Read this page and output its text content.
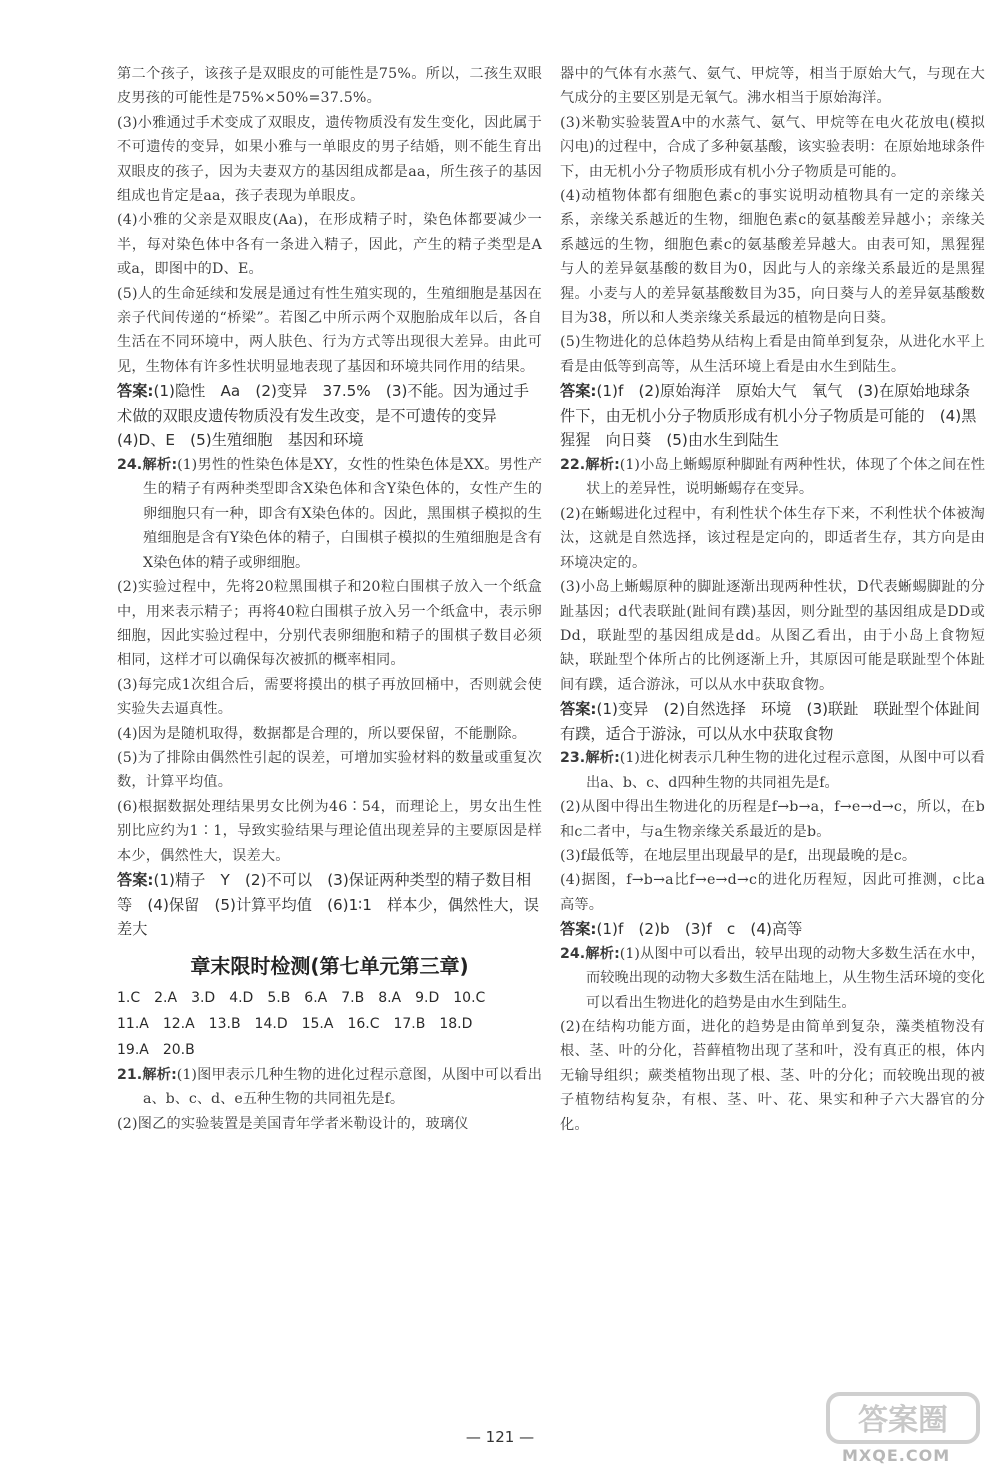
第二个孩子，该孩子是双眼皮的可能性是75%。所以，二孩生双眼皮男孩的可能性是75%×50%=37.5%。

(3)小雅通过手术变成了双眼皮，遗传物质没有发生变化，因此属于不可遗传的变异，如果小雅与一单眼皮的男子结婚，则不能生育出双眼皮的孩子，因为夫妻双方的基因组成都是aa，所生孩子的基因组成也肯定是aa，孩子表现为单眼皮。

(4)小雅的父亲是双眼皮(Aa)，在形成精子时，染色体都要减少一半，每对染色体中各有一条进入精子，因此，产生的精子类型是A或a，即图中的D、E。

(5)人的生命延续和发展是通过有性生殖实现的，生殖细胞是基因在亲子代间传递的“桥梁”。若图乙中所示两个双胞胎成年以后，各自生活在不同环境中，两人肤色、行为方式等出现很大差异。由此可见，生物体有许多性状明显地表现了基因和环境共同作用的结果。

答案:(1)隐性　Aa　(2)变异　37.5%　(3)不能。因为通过手术做的双眼皮遗传物质没有发生改变，是不可遗传的变异　(4)D、E　(5)生殖细胞　基因和环境

24.解析:(1)男性的性染色体是XY，女性的性染色体是XX。男性产生的精子有两种类型即含X染色体和含Y染色体的，女性产生的卵细胞只有一种，即含有X染色体的。因此，黑围棋子模拟的生殖细胞是含有Y染色体的精子，白围棋子模拟的生殖细胞是含有X染色体的精子或卵细胞。

(2)实验过程中，先将20粒黑围棋子和20粒白围棋子放入一个纸盒中，用来表示精子；再将40粒白围棋子放入另一个纸盒中，表示卵细胞，因此实验过程中，分别代表卵细胞和精子的围棋子数目必须相同，这样才可以确保每次被抓的概率相同。

(3)每完成1次组合后，需要将摸出的棋子再放回桶中，否则就会使实验失去逼真性。

(4)因为是随机取得，数据都是合理的，所以要保留，不能删除。

(5)为了排除由偶然性引起的误差，可增加实验材料的数量或重复次数，计算平均值。

(6)根据数据处理结果男女比例为46∶54，而理论上，男女出生性别比应约为1∶1，导致实验结果与理论值出现差异的主要原因是样本少，偶然性大，误差大。

答案:(1)精子　Y　(2)不可以　(3)保证两种类型的精子数目相等　(4)保留　(5)计算平均值　(6)1∶1　样本少，偶然性大，误差大

章末限时检测(第七单元第三章)

1.C　2.A　3.D　4.D　5.B　6.A　7.B　8.A　9.D　10.C

11.A　12.A　13.B　14.D　15.A　16.C　17.B　18.D

19.A　20.B

21.解析:(1)图甲表示几种生物的进化过程示意图，从图中可以看出a、b、c、d、e五种生物的共同祖先是f。

(2)图乙的实验装置是美国青年学者米勒设计的，玻璃仪

器中的气体有水蒸气、氨气、甲烷等，相当于原始大气，与现在大气成分的主要区别是无氧气。沸水相当于原始海洋。

(3)米勒实验装置A中的水蒸气、氨气、甲烷等在电火花放电(模拟闪电)的过程中，合成了多种氨基酸，该实验表明：在原始地球条件下，由无机小分子物质形成有机小分子物质是可能的。

(4)动植物体都有细胞色素c的事实说明动植物具有一定的亲缘关系，亲缘关系越近的生物，细胞色素c的氨基酸差异越小；亲缘关系越远的生物，细胞色素c的氨基酸差异越大。由表可知，黑猩猩与人的差异氨基酸的数目为0，因此与人的亲缘关系最近的是黑猩猩。小麦与人的差异氨基酸数目为35，向日葵与人的差异氨基酸数目为38，所以和人类亲缘关系最远的植物是向日葵。

(5)生物进化的总体趋势从结构上看是由简单到复杂，从进化水平上看是由低等到高等，从生活环境上看是由水生到陆生。

答案:(1)f　(2)原始海洋　原始大气　氧气　(3)在原始地球条件下，由无机小分子物质形成有机小分子物质是可能的　(4)黑猩猩　向日葵　(5)由水生到陆生

22.解析:(1)小岛上蜥蜴原种脚趾有两种性状，体现了个体之间在性状上的差异性，说明蜥蜴存在变异。

(2)在蜥蜴进化过程中，有利性状个体生存下来，不利性状个体被淘汰，这就是自然选择，该过程是定向的，即适者生存，其方向是由环境决定的。

(3)小岛上蜥蜴原种的脚趾逐渐出现两种性状，D代表蜥蜴脚趾的分趾基因；d代表联趾(趾间有蹼)基因，则分趾型的基因组成是DD或Dd，联趾型的基因组成是dd。从图乙看出，由于小岛上食物短缺，联趾型个体所占的比例逐渐上升，其原因可能是联趾型个体趾间有蹼，适合游泳，可以从水中获取食物。

答案:(1)变异　(2)自然选择　环境　(3)联趾　联趾型个体趾间有蹼，适合于游泳，可以从水中获取食物

23.解析:(1)进化树表示几种生物的进化过程示意图，从图中可以看出a、b、c、d四种生物的共同祖先是f。

(2)从图中得出生物进化的历程是f→b→a，f→e→d→c，所以，在b和c二者中，与a生物亲缘关系最近的是b。

(3)f最低等，在地层里出现最早的是f，出现最晚的是c。

(4)据图，f→b→a比f→e→d→c的进化历程短，因此可推测，c比a高等。

答案:(1)f　(2)b　(3)f　c　(4)高等

24.解析:(1)从图中可以看出，较早出现的动物大多数生活在水中，而较晚出现的动物大多数生活在陆地上，从生物生活环境的变化可以看出生物进化的趋势是由水生到陆生。

(2)在结构功能方面，进化的趋势是由简单到复杂，藻类植物没有根、茎、叶的分化，苔藓植物出现了茎和叶，没有真正的根，体内无输导组织；蕨类植物出现了根、茎、叶的分化；而较晚出现的被子植物结构复杂，有根、茎、叶、花、果实和种子六大器官的分化。

— 121 —	答案圈
MXQE.COM
